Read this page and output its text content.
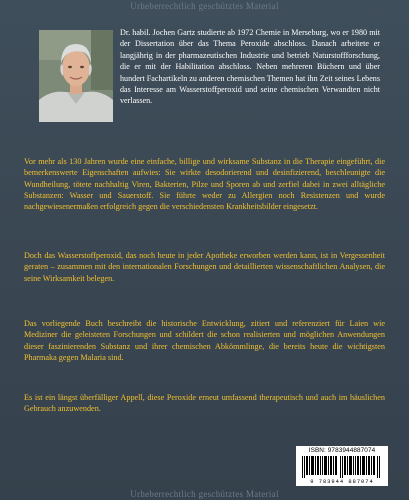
Urheberrechtlich geschütztes Material
Dr. habil. Jochen Gartz studierte ab 1972 Chemie in Merseburg, wo er 1980 mit der Dissertation über das Thema Peroxide abschloss. Danach arbeitete er langjährig in der pharmazeutischen Industrie und betrieb Naturstoffforschung, die er mit der Habilitation abschloss. Neben mehreren Büchern und über hundert Fachartikeln zu anderen chemischen Themen hat ihn Zeit seines Lebens das Interesse am Wasserstoffperoxid und seine chemischen Verwandten nicht verlassen.
Vor mehr als 130 Jahren wurde eine einfache, billige und wirksame Substanz in die Therapie eingeführt, die bemerkenswerte Eigenschaften aufwies: Sie wirkte desodorierend und desinfizierend, beschleunigte die Wundheilung, tötete nachhaltig Viren, Bakterien, Pilze und Sporen ab und zerfiel dabei in zwei alltägliche Substanzen: Wasser und Sauerstoff. Sie führte weder zu Allergien noch Resistenzen und wurde nachgewiesenermaßen erfolgreich gegen die verschiedensten Krankheitsbilder eingesetzt.
Doch das Wasserstoffperoxid, das noch heute in jeder Apotheke erworben werden kann, ist in Vergessenheit geraten – zusammen mit den internationalen Forschungen und detaillierten wissenschaftlichen Analysen, die seine Wirksamkeit belegen.
Das vorliegende Buch beschreibt die historische Entwicklung, zitiert und referenziert für Laien wie Mediziner die geleisteten Forschungen und schildert die schon realisierten und möglichen Anwendungen dieser faszinierenden Substanz und ihrer chemischen Abkömmlinge, die bereits heute die wichtigsten Pharmaka gegen Malaria sind.
Es ist ein längst überfälliger Appell, diese Peroxide erneut umfassend therapeutisch und auch im häuslichen Gebrauch anzuwenden.
ISBN: 9783944887074
9 783944 887074
Urheberrechtlich geschütztes Material
